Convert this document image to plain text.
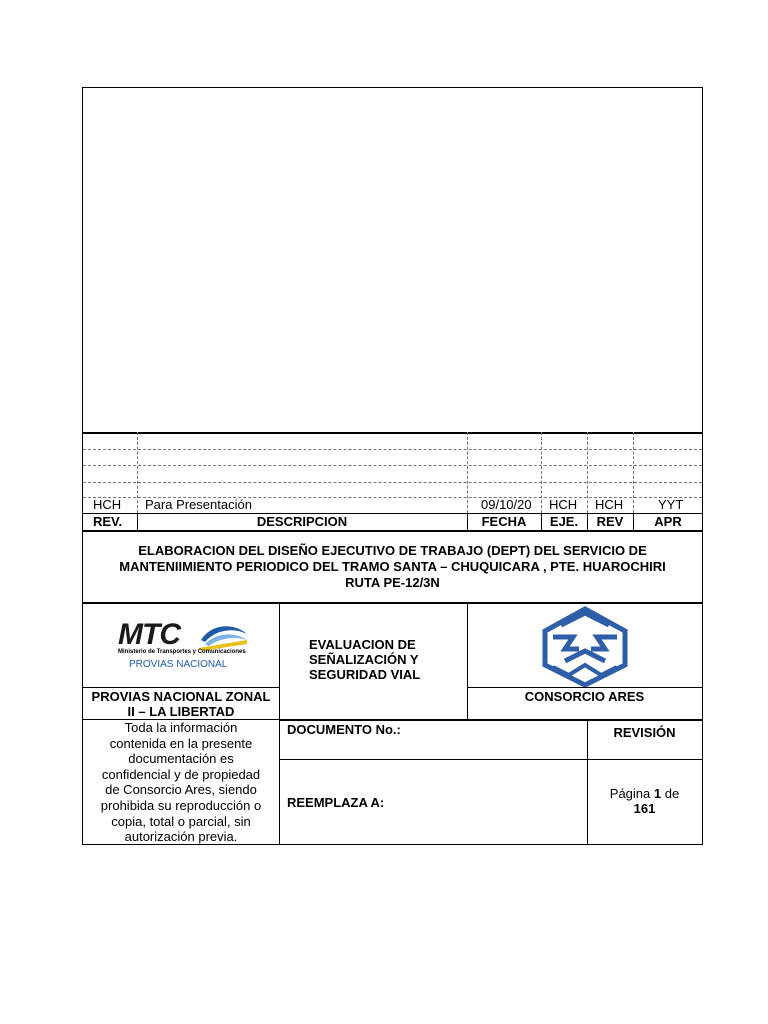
HCH Para Presentación	09/10/20 HCH HCH	YYT
REV.	DESCRIPCION	FECHA	EJE.	REV	APR
ELABORACION DEL DISEÑO EJECUTIVO DE TRABAJO (DEPT) DEL SERVICIO DE
MANTENIIMIENTO PERIODICO DEL TRAMO SANTA – CHUQUICARA , PTE. HUAROCHIRI
RUTA PE-12/3N
MTC
Ministerio de Transportes y Comunicaciones
PROVIAS NACIONAL
EVALUACION DE
SEÑALIZACIÓN Y
SEGURIDAD VIAL
PROVIAS NACIONAL ZONAL
II – LA LIBERTAD
CONSORCIO ARES
Toda la información
contenida en la presente
documentación es
confidencial y de propiedad
de Consorcio Ares, siendo
prohibida su reproducción o
copia, total o parcial, sin
autorización previa.
DOCUMENTO No.:	REVISIÓN
REEMPLAZA A:
Página 1 de
161
